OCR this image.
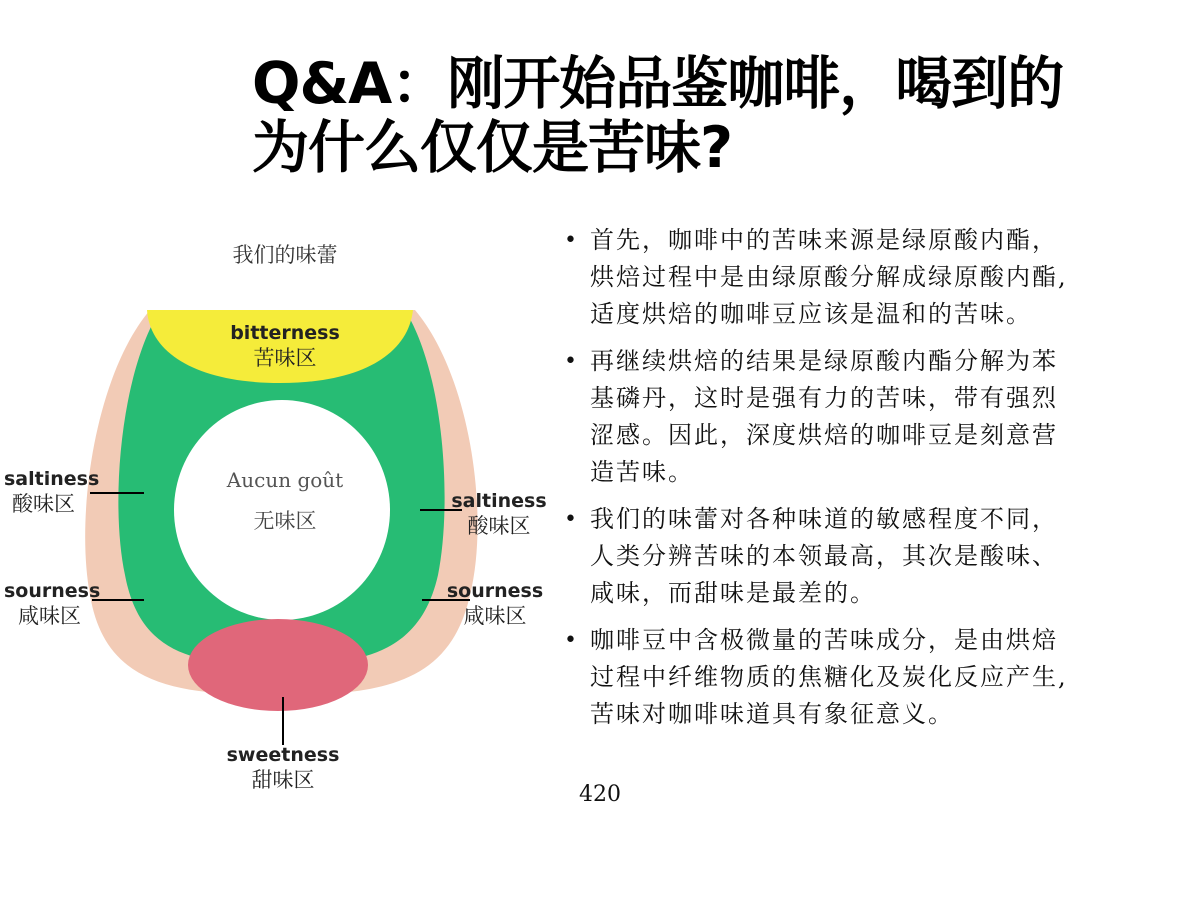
Q&A：刚开始品鉴咖啡，喝到的
为什么仅仅是苦味?
我们的味蕾
bitterness
苦味区
Aucun goût
无味区
saltiness
酸味区	saltiness
酸味区
sourness
咸味区
sourness
咸味区
sweetness
甜味区
• 首先，咖啡中的苦味来源是绿原酸内酯，
烘焙过程中是由绿原酸分解成绿原酸内酯,
适度烘焙的咖啡豆应该是温和的苦味。
• 再继续烘焙的结果是绿原酸内酯分解为苯
基磷丹，这时是强有力的苦味，带有强烈
涩感。因此，深度烘焙的咖啡豆是刻意营
造苦味。
• 我们的味蕾对各种味道的敏感程度不同，
人类分辨苦味的本领最高，其次是酸味、
咸味，而甜味是最差的。
• 咖啡豆中含极微量的苦味成分，是由烘焙
过程中纤维物质的焦糖化及炭化反应产生,
苦味对咖啡味道具有象征意义。
420
